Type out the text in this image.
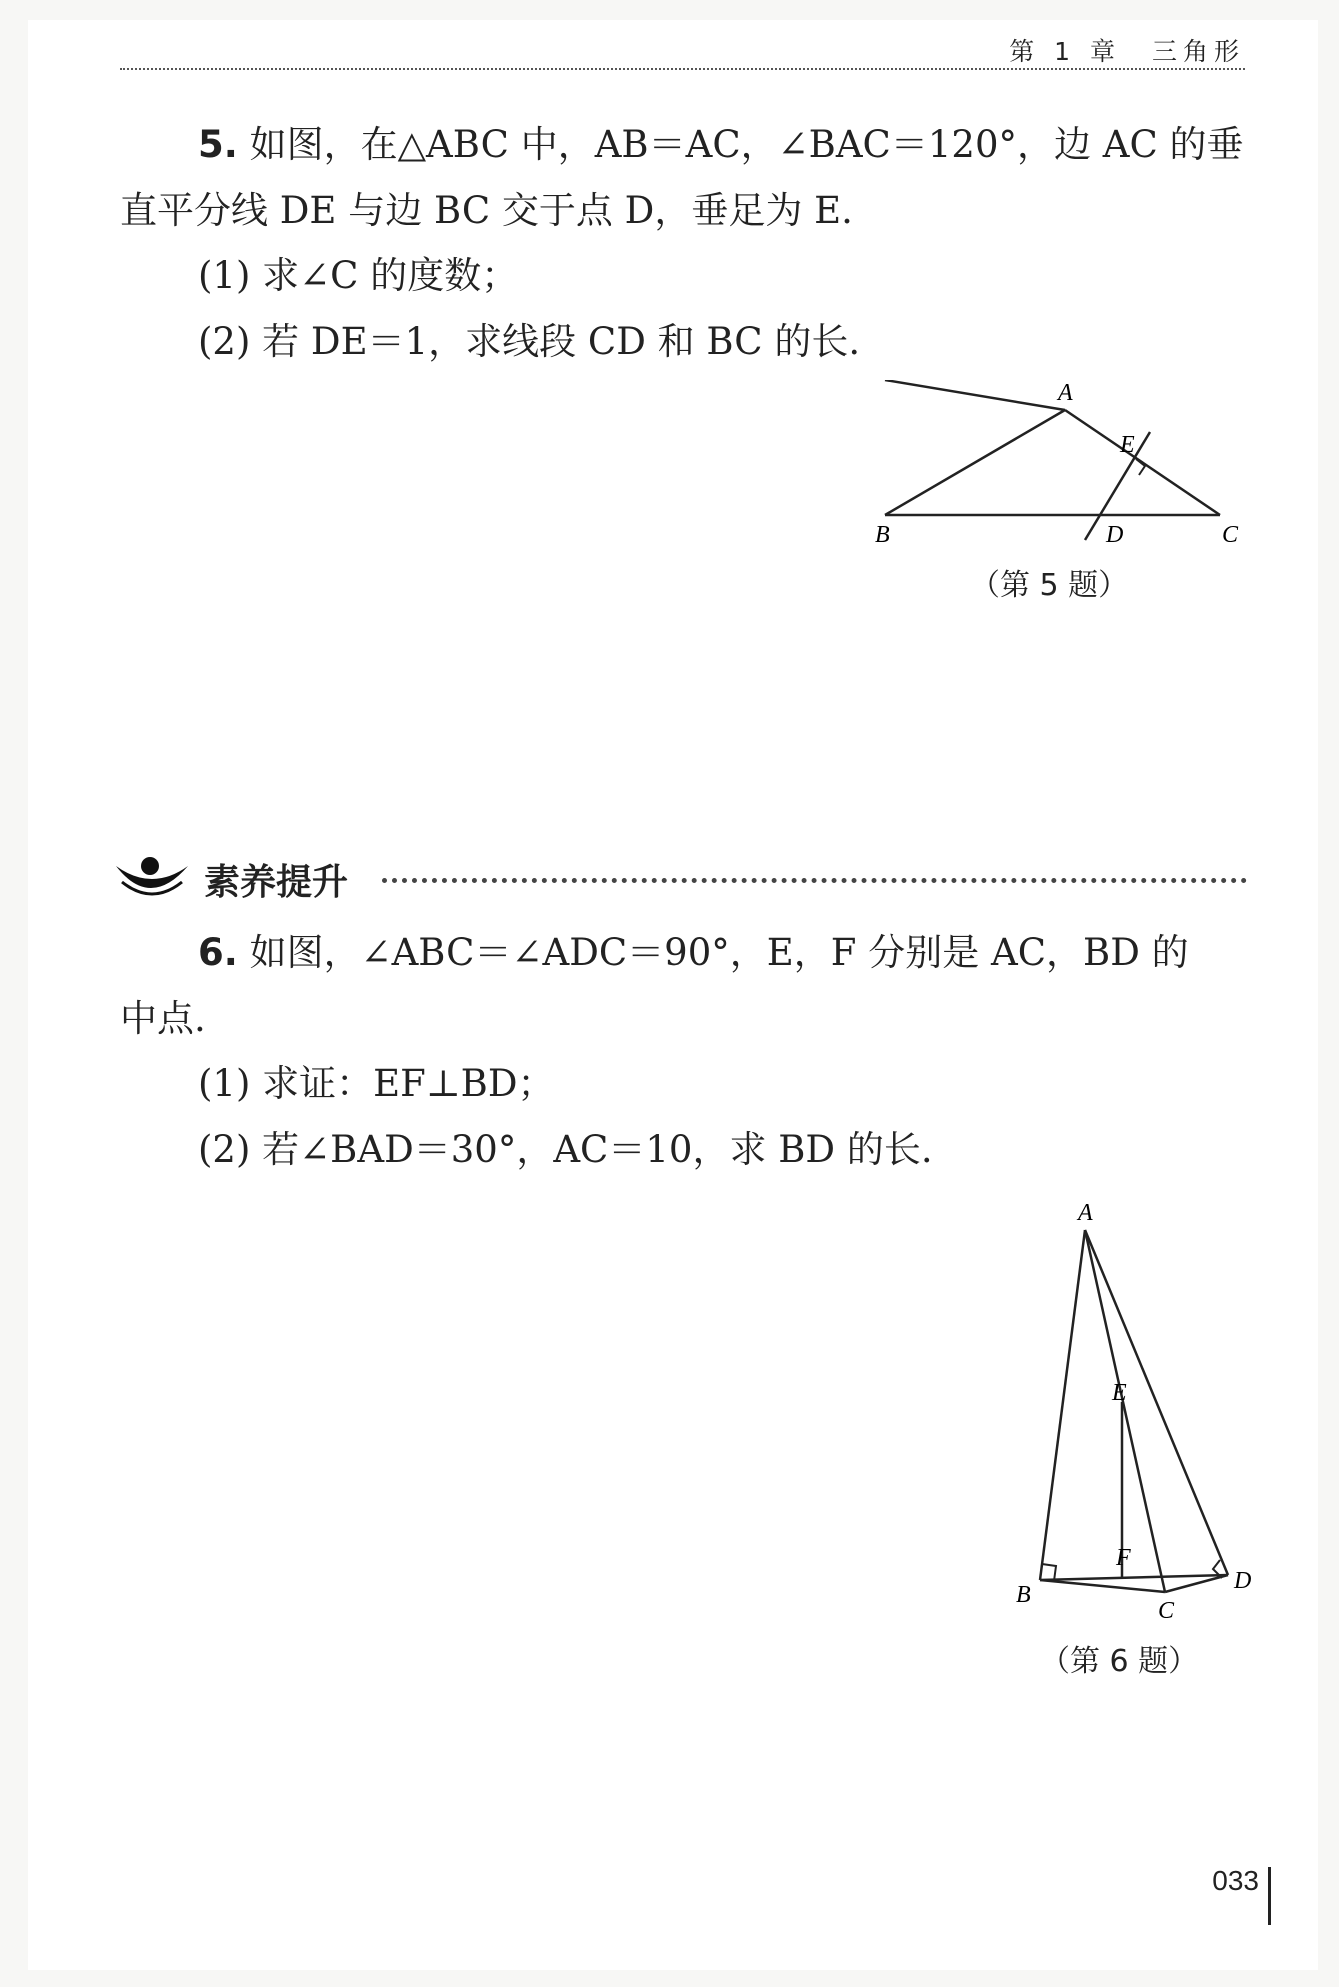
第 1 章　三角形

5. 如图，在△ABC 中，AB＝AC，∠BAC＝120°，边 AC 的垂

直平分线 DE 与边 BC 交于点 D，垂足为 E.

(1) 求∠C 的度数；

(2) 若 DE＝1，求线段 CD 和 BC 的长.

A
B	C
D
E
（第 5 题）
素养提升

6. 如图，∠ABC＝∠ADC＝90°，E，F 分别是 AC，BD 的

中点.

(1) 求证：EF⊥BD；

(2) 若∠BAD＝30°，AC＝10，求 BD 的长.

A
B
C
D
E
F
（第 6 题）
033
